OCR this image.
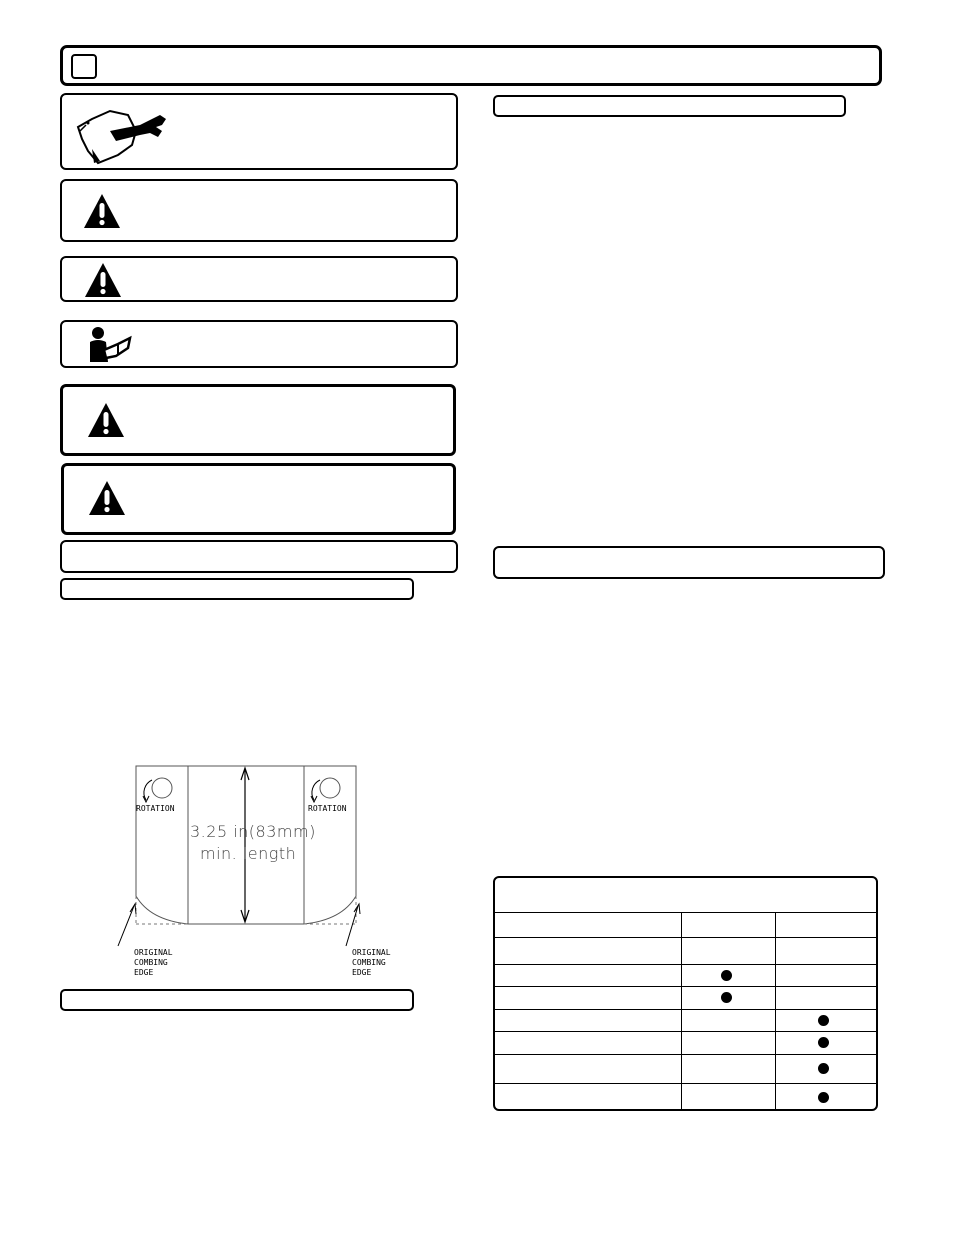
ROTATION	ROTATION
3.25 in(83mm)
min. length
ORIGINAL
COMBING
EDGE
ORIGINAL
COMBING
EDGE
